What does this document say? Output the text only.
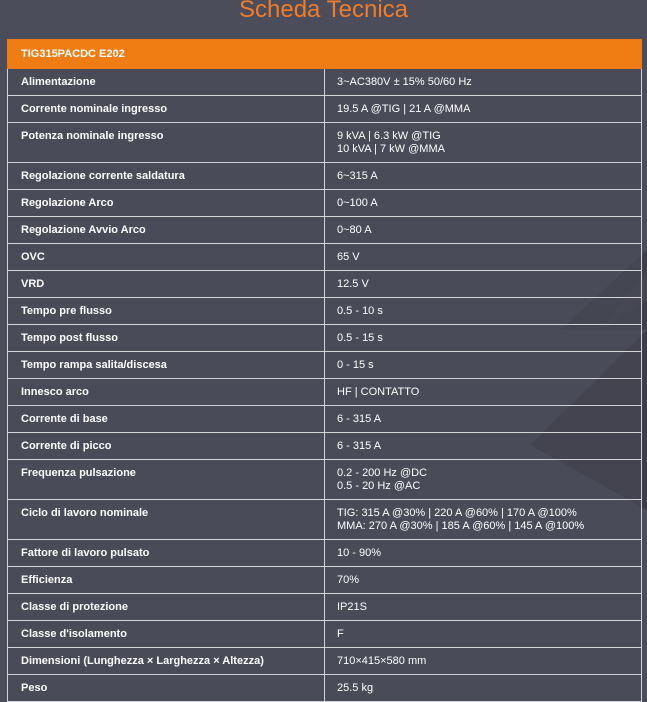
Scheda Tecnica
TIG315PACDC E202	
Alimentazione	3~AC380V ± 15% 50/60 Hz

Corrente nominale ingresso	19.5 A @TIG | 21 A @MMA

Potenza nominale ingresso	9 kVA | 6.3 kW @TIG
10 kVA | 7 kW @MMA

Regolazione corrente saldatura	6~315 A

Regolazione Arco	0~100 A

Regolazione Avvio Arco	0~80 A

OVC	65 V

VRD	12.5 V

Tempo pre flusso	0.5 - 10 s

Tempo post flusso	0.5 - 15 s

Tempo rampa salita/discesa	0 - 15 s

Innesco arco	HF | CONTATTO

Corrente di base	6 - 315 A

Corrente di picco	6 - 315 A

Frequenza pulsazione	0.2 - 200 Hz @DC
0.5 - 20 Hz @AC

Ciclo di lavoro nominale	TIG: 315 A @30% | 220 A @60% | 170 A @100%
MMA: 270 A @30% | 185 A @60% | 145 A @100%

Fattore di lavoro pulsato	10 - 90%

Efficienza	70%

Classe di protezione	IP21S

Classe d'isolamento	F

Dimensioni (Lunghezza × Larghezza × Altezza)	710×415×580 mm

Peso	25.5 kg
